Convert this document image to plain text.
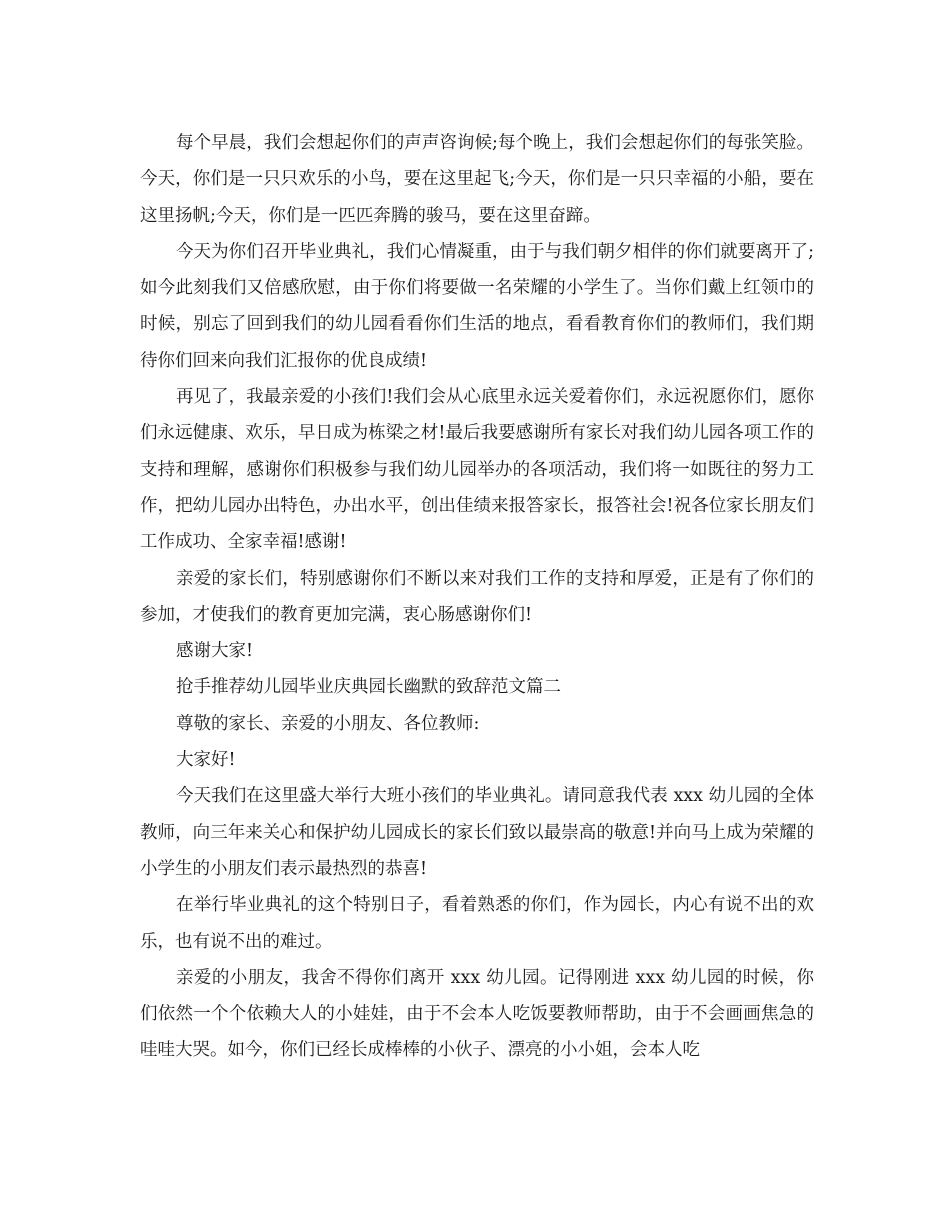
每个早晨，我们会想起你们的声声咨询候;每个晚上，我们会想起你们的每张笑脸。今天，你们是一只只欢乐的小鸟，要在这里起飞;今天，你们是一只只幸福的小船，要在这里扬帆;今天，你们是一匹匹奔腾的骏马，要在这里奋蹄。

今天为你们召开毕业典礼，我们心情凝重，由于与我们朝夕相伴的你们就要离开了;如今此刻我们又倍感欣慰，由于你们将要做一名荣耀的小学生了。当你们戴上红领巾的时候，别忘了回到我们的幼儿园看看你们生活的地点，看看教育你们的教师们，我们期待你们回来向我们汇报你的优良成绩!

再见了，我最亲爱的小孩们!我们会从心底里永远关爱着你们，永远祝愿你们，愿你们永远健康、欢乐，早日成为栋梁之材!最后我要感谢所有家长对我们幼儿园各项工作的支持和理解，感谢你们积极参与我们幼儿园举办的各项活动，我们将一如既往的努力工作，把幼儿园办出特色，办出水平，创出佳绩来报答家长，报答社会!祝各位家长朋友们工作成功、全家幸福!感谢!

亲爱的家长们，特别感谢你们不断以来对我们工作的支持和厚爱，正是有了你们的参加，才使我们的教育更加完满，衷心肠感谢你们!

感谢大家!

抢手推荐幼儿园毕业庆典园长幽默的致辞范文篇二

尊敬的家长、亲爱的小朋友、各位教师:

大家好!

今天我们在这里盛大举行大班小孩们的毕业典礼。请同意我代表 xxx 幼儿园的全体教师，向三年来关心和保护幼儿园成长的家长们致以最崇高的敬意!并向马上成为荣耀的小学生的小朋友们表示最热烈的恭喜!

在举行毕业典礼的这个特别日子，看着熟悉的你们，作为园长，内心有说不出的欢乐，也有说不出的难过。

亲爱的小朋友，我舍不得你们离开 xxx 幼儿园。记得刚进 xxx 幼儿园的时候，你们依然一个个依赖大人的小娃娃，由于不会本人吃饭要教师帮助，由于不会画画焦急的哇哇大哭。如今，你们已经长成棒棒的小伙子、漂亮的小小姐，会本人吃
